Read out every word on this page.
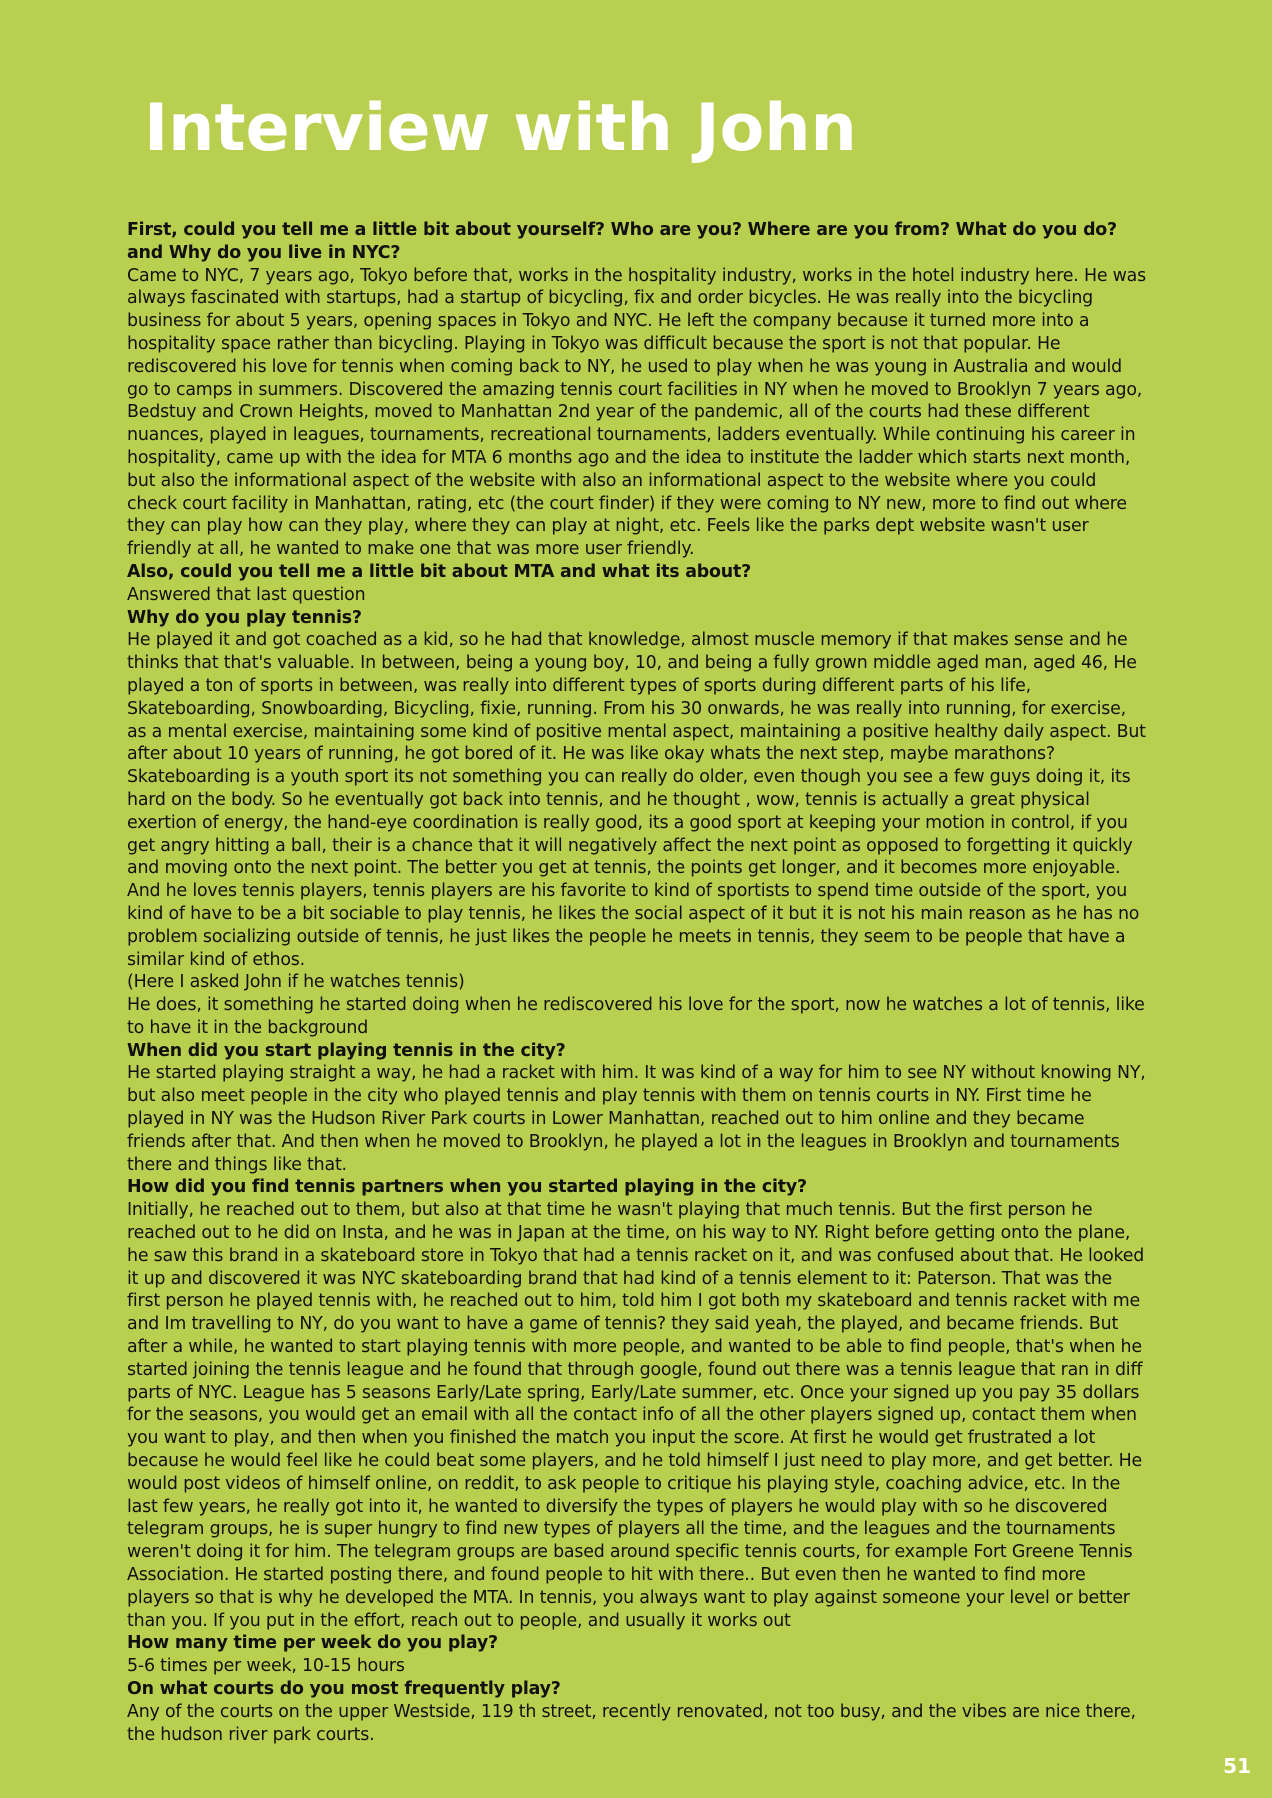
Interview with John

First, could you tell me a little bit about yourself? Who are you? Where are you from? What do you do? and Why do you live in NYC?

Came to NYC, 7 years ago, Tokyo before that, works in the hospitality industry, works in the hotel industry here. He was always fascinated with startups, had a startup of bicycling, fix and order bicycles. He was really into the bicycling business for about 5 years, opening spaces in Tokyo and NYC. He left the company because it turned more into a hospitality space rather than bicycling. Playing in Tokyo was difficult because the sport is not that popular. He rediscovered his love for tennis when coming back to NY, he used to play when he was young in Australia and would go to camps in summers. Discovered the amazing tennis court facilities in NY when he moved to Brooklyn 7 years ago, Bedstuy and Crown Heights, moved to Manhattan 2nd year of the pandemic, all of the courts had these different nuances, played in leagues, tournaments, recreational tournaments, ladders eventually. While continuing his career in hospitality, came up with the idea for MTA 6 months ago and the idea to institute the ladder which starts next month, but also the informational aspect of the website with also an informational aspect to the website where you could check court facility in Manhattan, rating, etc (the court finder) if they were coming to NY new, more to find out where they can play how can they play, where they can play at night, etc. Feels like the parks dept website wasn't user friendly at all, he wanted to make one that was more user friendly.

Also, could you tell me a little bit about MTA and what its about?

Answered that last question

Why do you play tennis?

He played it and got coached as a kid, so he had that knowledge, almost muscle memory if that makes sense and he thinks that that's valuable. In between, being a young boy, 10, and being a fully grown middle aged man, aged 46, He played a ton of sports in between, was really into different types of sports during different parts of his life, Skateboarding, Snowboarding, Bicycling, fixie, running. From his 30 onwards, he was really into running, for exercise, as a mental exercise, maintaining some kind of positive mental aspect, maintaining a positive healthy daily aspect. But after about 10 years of running, he got bored of it. He was like okay whats the next step, maybe marathons? Skateboarding is a youth sport its not something you can really do older, even though you see a few guys doing it, its hard on the body. So he eventually got back into tennis, and he thought , wow, tennis is actually a great physical exertion of energy, the hand-eye coordination is really good, its a good sport at keeping your motion in control, if you get angry hitting a ball, their is a chance that it will negatively affect the next point as opposed to forgetting it quickly and moving onto the next point. The better you get at tennis, the points get longer, and it becomes more enjoyable. And he loves tennis players, tennis players are his favorite to kind of sportists to spend time outside of the sport, you kind of have to be a bit sociable to play tennis, he likes the social aspect of it but it is not his main reason as he has no problem socializing outside of tennis, he just likes the people he meets in tennis, they seem to be people that have a similar kind of ethos.

(Here I asked John if he watches tennis)

He does, it something he started doing when he rediscovered his love for the sport, now he watches a lot of tennis, like to have it in the background

When did you start playing tennis in the city?

He started playing straight a way, he had a racket with him. It was kind of a way for him to see NY without knowing NY, but also meet people in the city who played tennis and play tennis with them on tennis courts in NY. First time he played in NY was the Hudson River Park courts in Lower Manhattan, reached out to him online and they became friends after that. And then when he moved to Brooklyn, he played a lot in the leagues in Brooklyn and tournaments there and things like that.

How did you find tennis partners when you started playing in the city?

Initially, he reached out to them, but also at that time he wasn't playing that much tennis. But the first person he reached out to he did on Insta, and he was in Japan at the time, on his way to NY. Right before getting onto the plane, he saw this brand in a skateboard store in Tokyo that had a tennis racket on it, and was confused about that. He looked it up and discovered it was NYC skateboarding brand that had kind of a tennis element to it: Paterson. That was the first person he played tennis with, he reached out to him, told him I got both my skateboard and tennis racket with me and Im travelling to NY, do you want to have a game of tennis? they said yeah, the played, and became friends. But after a while, he wanted to start playing tennis with more people, and wanted to be able to find people, that's when he started joining the tennis league and he found that through google, found out there was a tennis league that ran in diff parts of NYC. League has 5 seasons Early/Late spring, Early/Late summer, etc. Once your signed up you pay 35 dollars for the seasons, you would get an email with all the contact info of all the other players signed up, contact them when you want to play, and then when you finished the match you input the score. At first he would get frustrated a lot because he would feel like he could beat some players, and he told himself I just need to play more, and get better. He would post videos of himself online, on reddit, to ask people to critique his playing style, coaching advice, etc. In the last few years, he really got into it, he wanted to diversify the types of players he would play with so he discovered telegram groups, he is super hungry to find new types of players all the time, and the leagues and the tournaments weren't doing it for him. The telegram groups are based around specific tennis courts, for example Fort Greene Tennis Association. He started posting there, and found people to hit with there.. But even then he wanted to find more players so that is why he developed the MTA. In tennis, you always want to play against someone your level or better than you. If you put in the effort, reach out to people, and usually it works out

How many time per week do you play?

5-6 times per week, 10-15 hours

On what courts do you most frequently play?

Any of the courts on the upper Westside, 119 th street, recently renovated, not too busy, and the vibes are nice there, the hudson river park courts.

51
